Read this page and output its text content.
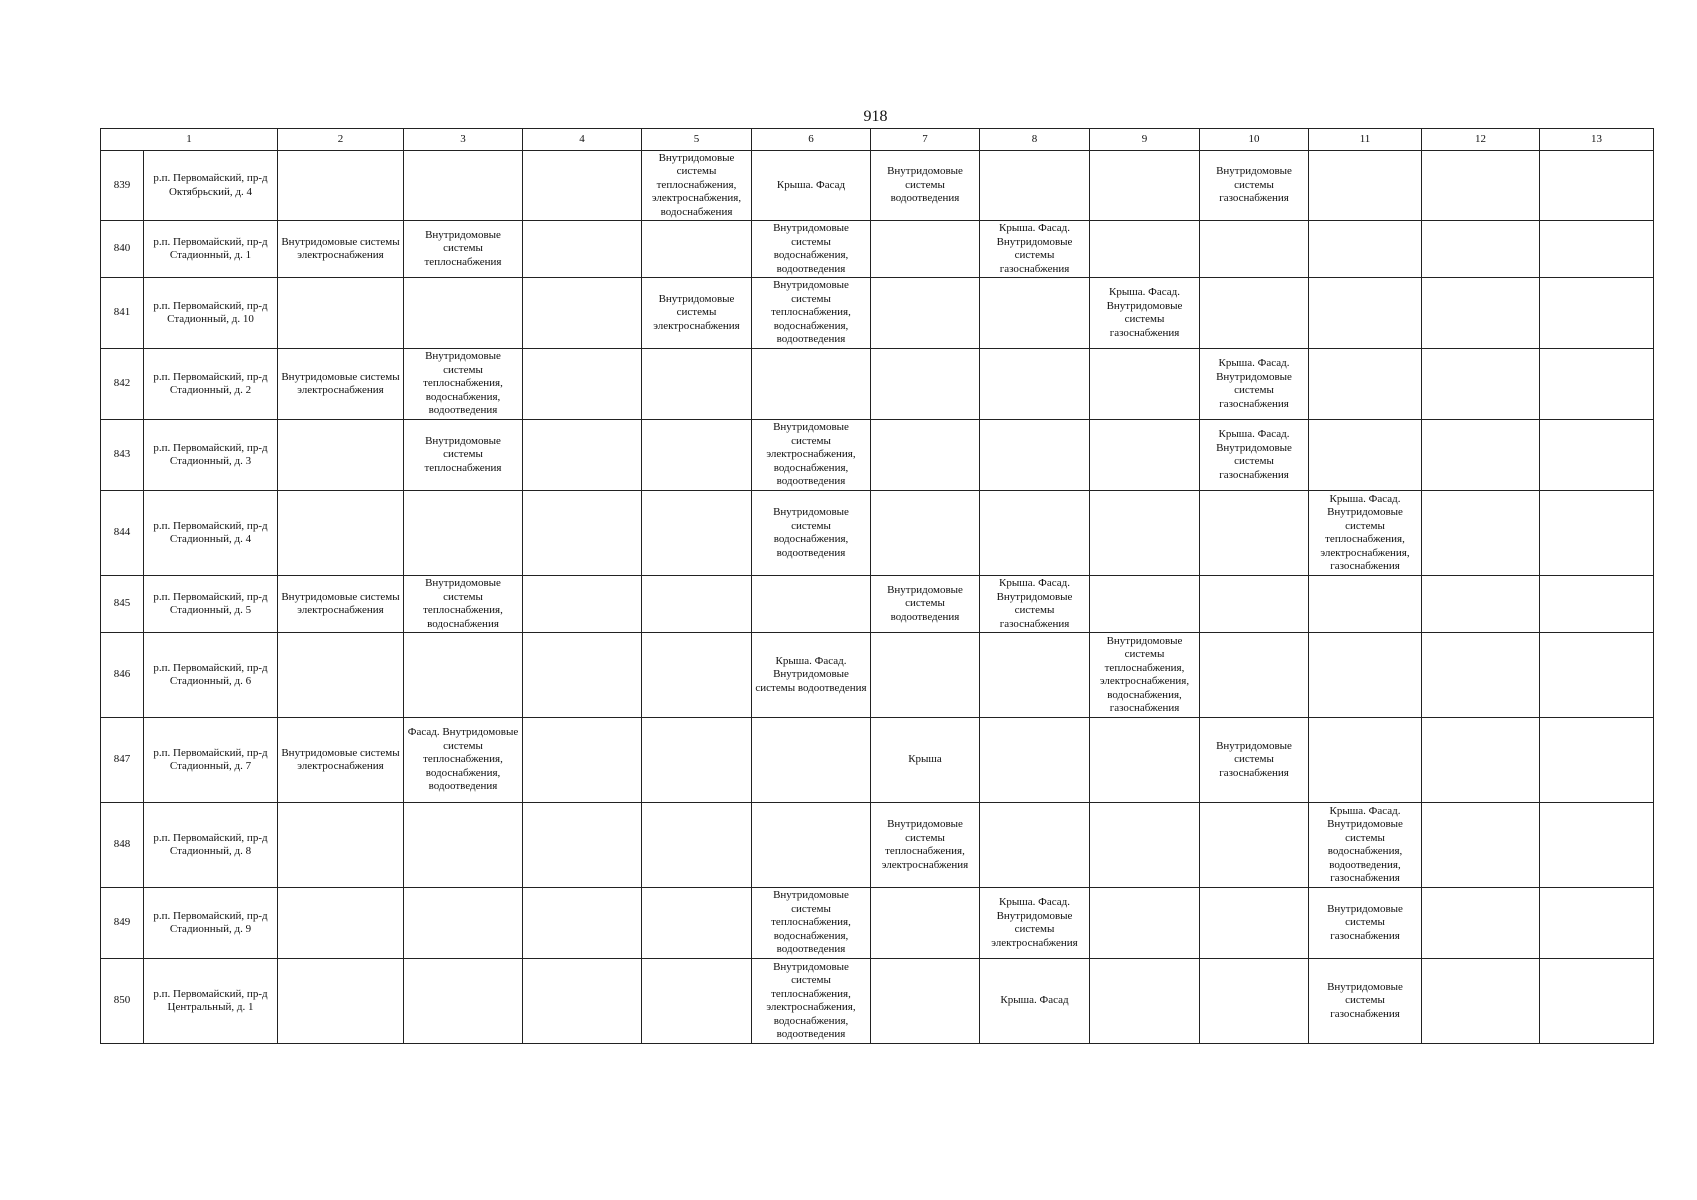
918
1		2	3	4	5	6	7	8	9	10	11	12	13
839	р.п. Первомайский, пр-д Октябрьский, д. 4				Внутридомовые системы теплоснабжения, электроснабжения, водоснабжения	Крыша. Фасад	Внутридомовые системы водоотведения			Внутридомовые системы газоснабжения			
840	р.п. Первомайский, пр-д Стадионный, д. 1	Внутридомовые системы электроснабжения	Внутридомовые системы теплоснабжения			Внутридомовые системы водоснабжения, водоотведения		Крыша. Фасад. Внутридомовые системы газоснабжения					
841	р.п. Первомайский, пр-д Стадионный, д. 10				Внутридомовые системы электроснабжения	Внутридомовые системы теплоснабжения, водоснабжения, водоотведения			Крыша. Фасад. Внутридомовые системы газоснабжения				
842	р.п. Первомайский, пр-д Стадионный, д. 2	Внутридомовые системы электроснабжения	Внутридомовые системы теплоснабжения, водоснабжения, водоотведения							Крыша. Фасад. Внутридомовые системы газоснабжения			
843	р.п. Первомайский, пр-д Стадионный, д. 3		Внутридомовые системы теплоснабжения			Внутридомовые системы электроснабжения, водоснабжения, водоотведения				Крыша. Фасад. Внутридомовые системы газоснабжения			
844	р.п. Первомайский, пр-д Стадионный, д. 4					Внутридомовые системы водоснабжения, водоотведения					Крыша. Фасад. Внутридомовые системы теплоснабжения, электроснабжения, газоснабжения		
845	р.п. Первомайский, пр-д Стадионный, д. 5	Внутридомовые системы электроснабжения	Внутридомовые системы теплоснабжения, водоснабжения				Внутридомовые системы водоотведения	Крыша. Фасад. Внутридомовые системы газоснабжения					
846	р.п. Первомайский, пр-д Стадионный, д. 6					Крыша. Фасад. Внутридомовые системы водоотведения			Внутридомовые системы теплоснабжения, электроснабжения, водоснабжения, газоснабжения				
847	р.п. Первомайский, пр-д Стадионный, д. 7	Внутридомовые системы электроснабжения	Фасад. Внутридомовые системы теплоснабжения, водоснабжения, водоотведения				Крыша			Внутридомовые системы газоснабжения			
848	р.п. Первомайский, пр-д Стадионный, д. 8						Внутридомовые системы теплоснабжения, электроснабжения				Крыша. Фасад. Внутридомовые системы водоснабжения, водоотведения, газоснабжения		
849	р.п. Первомайский, пр-д Стадионный, д. 9					Внутридомовые системы теплоснабжения, водоснабжения, водоотведения		Крыша. Фасад. Внутридомовые системы электроснабжения			Внутридомовые системы газоснабжения		
850	р.п. Первомайский, пр-д Центральный, д. 1					Внутридомовые системы теплоснабжения, электроснабжения, водоснабжения, водоотведения		Крыша. Фасад			Внутридомовые системы газоснабжения		
